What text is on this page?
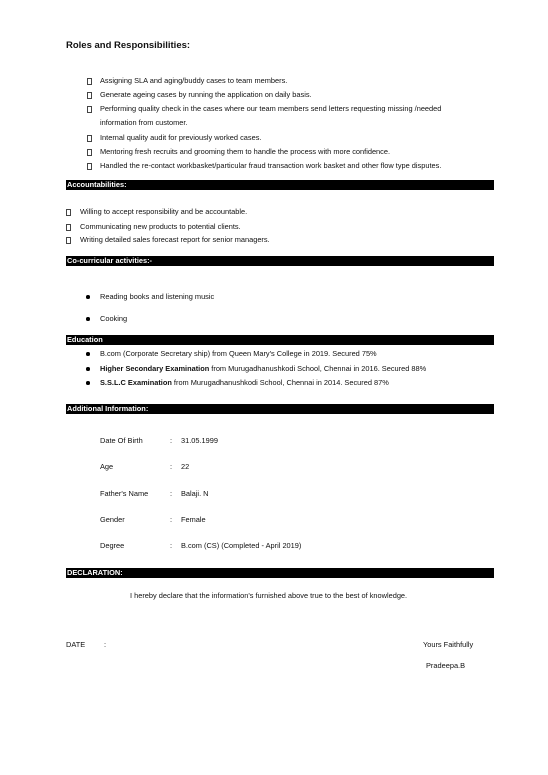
Roles and Responsibilities:
Assigning SLA and aging/buddy cases to team members.
Generate ageing cases by running the application on daily basis.
Performing quality check in the cases where our team members send letters requesting missing /needed
information from customer.
Internal quality audit for previously worked cases.
Mentoring fresh recruits and grooming them to handle the process with more confidence.
Handled the re-contact workbasket/particular fraud transaction work basket and other flow type disputes.
Accountabilities:
Willing to accept responsibility and be accountable.
Communicating new products to potential clients.
Writing detailed sales forecast report for senior managers.
Co-curricular activities:-
Reading books and listening music
Cooking
Education
B.com (Corporate Secretary ship) from Queen Mary's College in 2019. Secured 75%
Higher Secondary Examination from Murugadhanushkodi School, Chennai in 2016. Secured 88%
S.S.L.C Examination from Murugadhanushkodi School, Chennai in 2014. Secured 87%
Additional Information:
Date Of Birth	: 31.05.1999
Age	: 22
Father's Name	: Balaji. N
Gender	: Female
Degree	: B.com (CS) (Completed - April 2019)
DECLARATION:
I hereby declare that the information's furnished above true to the best of knowledge.
DATE	:	Yours Faithfully
Pradeepa.B
